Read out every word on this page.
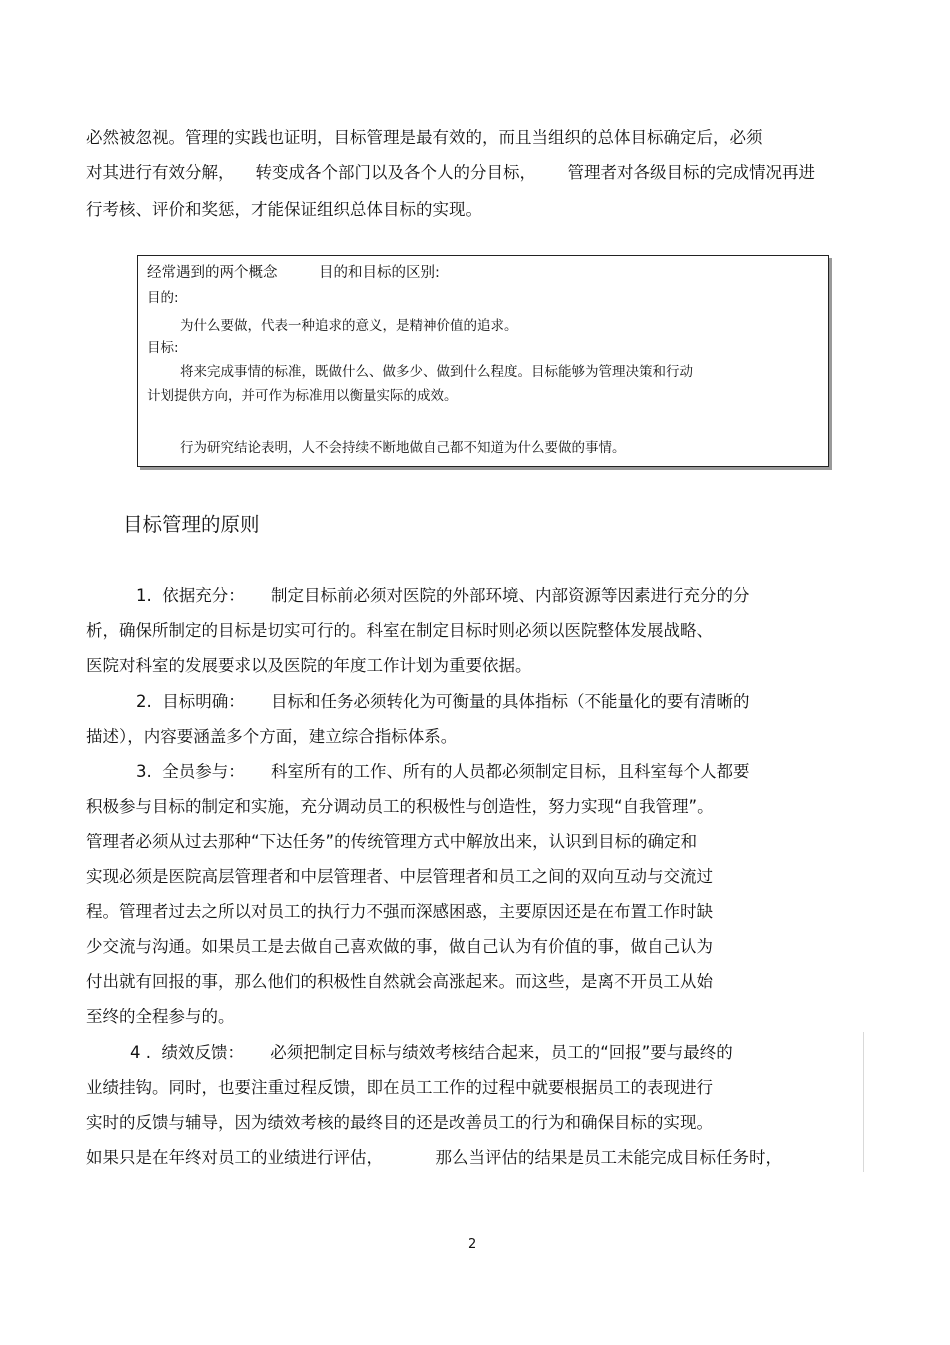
必然被忽视。管理的实践也证明，目标管理是最有效的，而且当组织的总体目标确定后，必须
对其进行有效分解，    转变成各个部门以及各个人的分目标，      管理者对各级目标的完成情况再进
行考核、评价和奖惩，才能保证组织总体目标的实现。
经常遇到的两个概念         目的和目标的区别:
目的:
为什么要做，代表一种追求的意义，是精神价值的追求。
目标:
将来完成事情的标准，既做什么、做多少、做到什么程度。目标能够为管理决策和行动
计划提供方向，并可作为标准用以衡量实际的成效。
行为研究结论表明，人不会持续不断地做自己都不知道为什么要做的事情。
目标管理的原则
1.  依据充分：     制定目标前必须对医院的外部环境、内部资源等因素进行充分的分
析，确保所制定的目标是切实可行的。科室在制定目标时则必须以医院整体发展战略、
医院对科室的发展要求以及医院的年度工作计划为重要依据。
2.  目标明确：     目标和任务必须转化为可衡量的具体指标（不能量化的要有清晰的
描述），内容要涵盖多个方面，建立综合指标体系。
3.  全员参与：     科室所有的工作、所有的人员都必须制定目标，且科室每个人都要
积极参与目标的制定和实施，充分调动员工的积极性与创造性，努力实现“自我管理”。
管理者必须从过去那种“下达任务”的传统管理方式中解放出来，认识到目标的确定和
实现必须是医院高层管理者和中层管理者、中层管理者和员工之间的双向互动与交流过
程。管理者过去之所以对员工的执行力不强而深感困惑，主要原因还是在布置工作时缺
少交流与沟通。如果员工是去做自己喜欢做的事，做自己认为有价值的事，做自己认为
付出就有回报的事，那么他们的积极性自然就会高涨起来。而这些，是离不开员工从始
至终的全程参与的。
4 .  绩效反馈：     必须把制定目标与绩效考核结合起来，员工的“回报”要与最终的
业绩挂钩。同时，也要注重过程反馈，即在员工工作的过程中就要根据员工的表现进行
实时的反馈与辅导，因为绩效考核的最终目的还是改善员工的行为和确保目标的实现。
如果只是在年终对员工的业绩进行评估，          那么当评估的结果是员工未能完成目标任务时，
2
